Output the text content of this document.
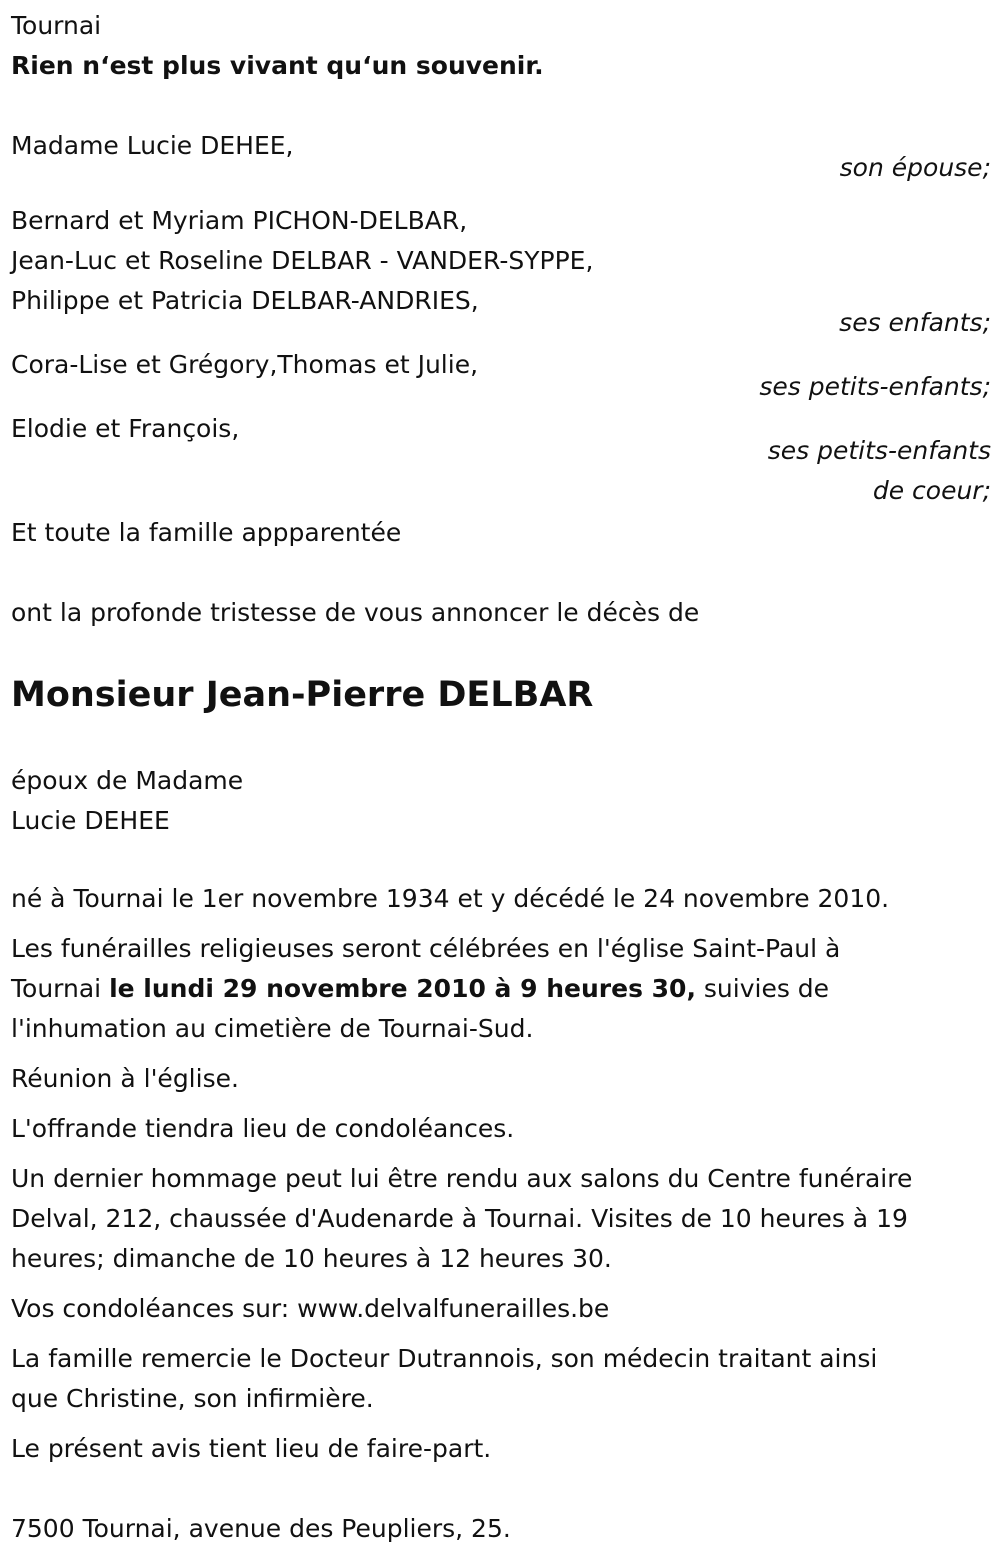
Tournai

Rien n‘est plus vivant qu‘un souvenir.

Madame Lucie DEHEE,

son épouse;

Bernard et Myriam PICHON-DELBAR,

Jean-Luc et Roseline DELBAR - VANDER-SYPPE,

Philippe et Patricia DELBAR-ANDRIES,

ses enfants;

Cora-Lise et Grégory,Thomas et Julie,

ses petits-enfants;

Elodie et François,

ses petits-enfants

de coeur;

Et toute la famille appparentée

ont la profonde tristesse de vous annoncer le décès de

Monsieur Jean-Pierre DELBAR

époux de Madame

Lucie DEHEE

né à Tournai le 1er novembre 1934 et y décédé le 24 novembre 2010.

Les funérailles religieuses seront célébrées en l'église Saint-Paul à

Tournai le lundi 29 novembre 2010 à 9 heures 30, suivies de

l'inhumation au cimetière de Tournai-Sud.

Réunion à l'église.

L'offrande tiendra lieu de condoléances.

Un dernier hommage peut lui être rendu aux salons du Centre funéraire

Delval, 212, chaussée d'Audenarde à Tournai. Visites de 10 heures à 19

heures; dimanche de 10 heures à 12 heures 30.

Vos condoléances sur: www.delvalfunerailles.be

La famille remercie le Docteur Dutrannois, son médecin traitant ainsi

que Christine, son infirmière.

Le présent avis tient lieu de faire-part.

7500 Tournai, avenue des Peupliers, 25.
